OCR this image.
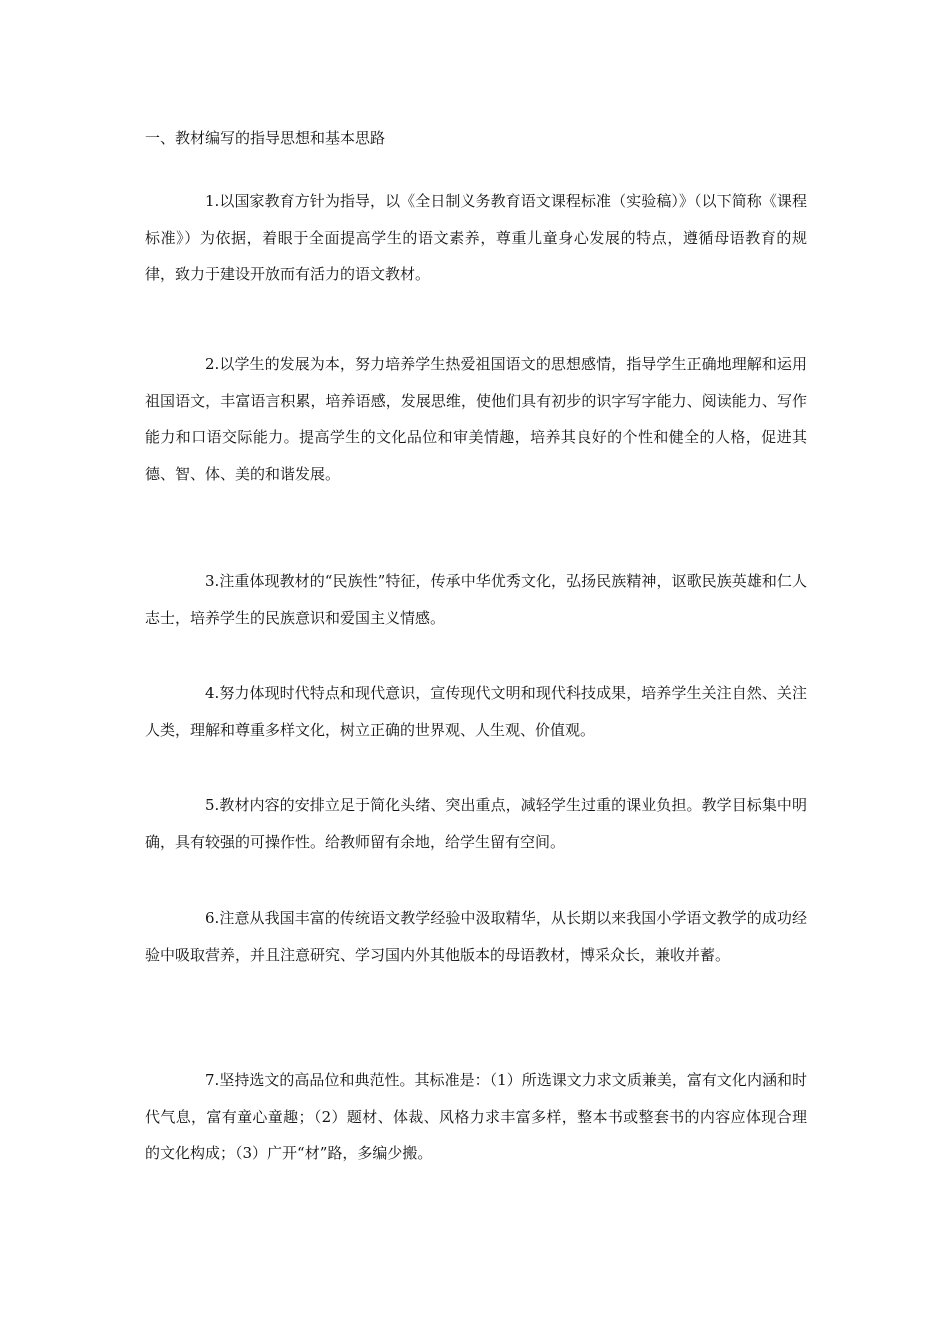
一、教材编写的指导思想和基本思路

1.以国家教育方针为指导，以《全日制义务教育语文课程标准（实验稿）》（以下简称《课程标准》）为依据，着眼于全面提高学生的语文素养，尊重儿童身心发展的特点，遵循母语教育的规律，致力于建设开放而有活力的语文教材。

2.以学生的发展为本，努力培养学生热爱祖国语文的思想感情，指导学生正确地理解和运用祖国语文，丰富语言积累，培养语感，发展思维，使他们具有初步的识字写字能力、阅读能力、写作能力和口语交际能力。提高学生的文化品位和审美情趣，培养其良好的个性和健全的人格，促进其德、智、体、美的和谐发展。

3.注重体现教材的“民族性”特征，传承中华优秀文化，弘扬民族精神，讴歌民族英雄和仁人志士，培养学生的民族意识和爱国主义情感。

4.努力体现时代特点和现代意识，宣传现代文明和现代科技成果，培养学生关注自然、关注人类，理解和尊重多样文化，树立正确的世界观、人生观、价值观。

5.教材内容的安排立足于简化头绪、突出重点，减轻学生过重的课业负担。教学目标集中明确，具有较强的可操作性。给教师留有余地，给学生留有空间。

6.注意从我国丰富的传统语文教学经验中汲取精华，从长期以来我国小学语文教学的成功经验中吸取营养，并且注意研究、学习国内外其他版本的母语教材，博采众长，兼收并蓄。

7.坚持选文的高品位和典范性。其标准是：（1）所选课文力求文质兼美，富有文化内涵和时代气息，富有童心童趣；（2）题材、体裁、风格力求丰富多样，整本书或整套书的内容应体现合理的文化构成；（3）广开“材”路，多编少搬。
